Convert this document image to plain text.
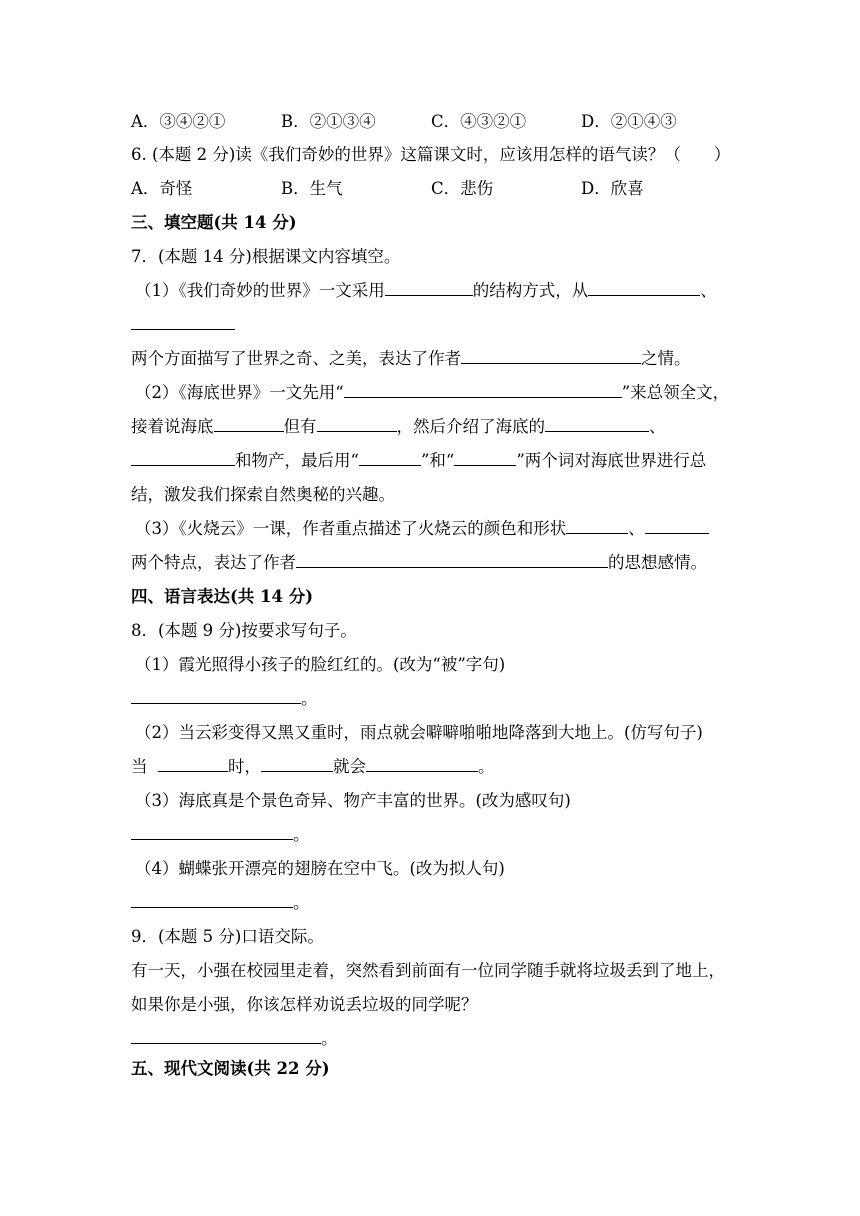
A．③④②①	B．②①③④	C．④③②①	D．②①④③
6. (本题 2 分)读《我们奇妙的世界》这篇课文时，应该用怎样的语气读？（　　）
A．奇怪	B．生气	C．悲伤	D．欣喜
三、填空题(共 14 分)
7．(本题 14 分)根据课文内容填空。
（1）《我们奇妙的世界》一文采用	的结构方式，从	、
两个方面描写了世界之奇、之美，表达了作者	之情。
（2）《海底世界》一文先用“	”来总领全文，
接着说海底	但有	，然后介绍了海底的	、
和物产，最后用“	”和“	”两个词对海底世界进行总
结，激发我们探索自然奥秘的兴趣。
（3）《火烧云》一课，作者重点描述了火烧云的颜色和形状	、
两个特点，表达了作者	的思想感情。
四、语言表达(共 14 分)
8．(本题 9 分)按要求写句子。
（1）霞光照得小孩子的脸红红的。(改为“被”字句)
。
（2）当云彩变得又黑又重时，雨点就会噼噼啪啪地降落到大地上。(仿写句子)
当	时，	就会	。
（3）海底真是个景色奇异、物产丰富的世界。(改为感叹句)
。
（4）蝴蝶张开漂亮的翅膀在空中飞。(改为拟人句)
。
9．(本题 5 分)口语交际。
有一天，小强在校园里走着，突然看到前面有一位同学随手就将垃圾丢到了地上，
如果你是小强，你该怎样劝说丢垃圾的同学呢？
。
五、现代文阅读(共 22 分)
